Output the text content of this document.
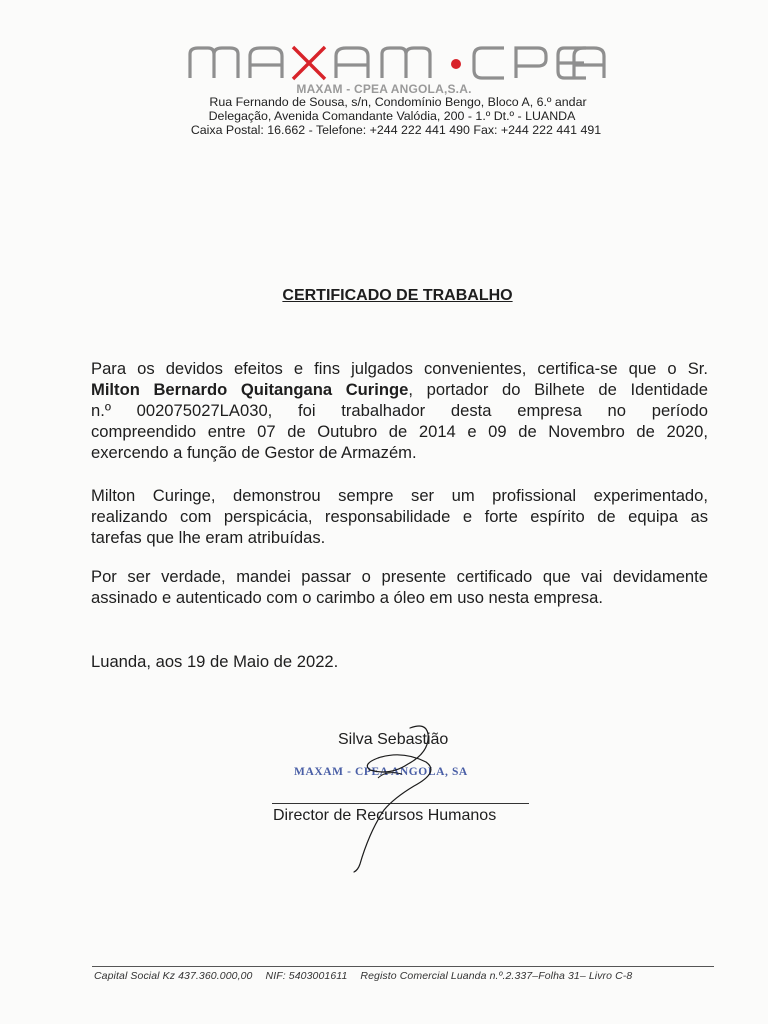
MAXAM - CPEA ANGOLA,S.A.
Rua Fernando de Sousa, s/n, Condomínio Bengo, Bloco A, 6.º andar
Delegação, Avenida Comandante Valódia, 200 - 1.º Dt.º - LUANDA
Caixa Postal: 16.662 - Telefone: +244 222 441 490 Fax: +244 222 441 491
CERTIFICADO DE TRABALHO
Para os devidos efeitos e fins julgados convenientes, certifica-se que o Sr.
Milton Bernardo Quitangana Curinge, portador do Bilhete de Identidade
n.º 002075027LA030, foi trabalhador desta empresa no período
compreendido entre 07 de Outubro de 2014 e 09 de Novembro de 2020,
exercendo a função de Gestor de Armazém.
Milton Curinge, demonstrou sempre ser um profissional experimentado,
realizando com perspicácia, responsabilidade e forte espírito de equipa as
tarefas que lhe eram atribuídas.
Por ser verdade, mandei passar o presente certificado que vai devidamente
assinado e autenticado com o carimbo a óleo em uso nesta empresa.
Luanda, aos 19 de Maio de 2022.
Silva Sebastião
MAXAM - CPEA ANGOLA, SA
Director de Recursos Humanos
Capital Social Kz 437.360.000,00 NIF: 5403001611 Registo Comercial Luanda n.º.2.337–Folha 31– Livro C-8
